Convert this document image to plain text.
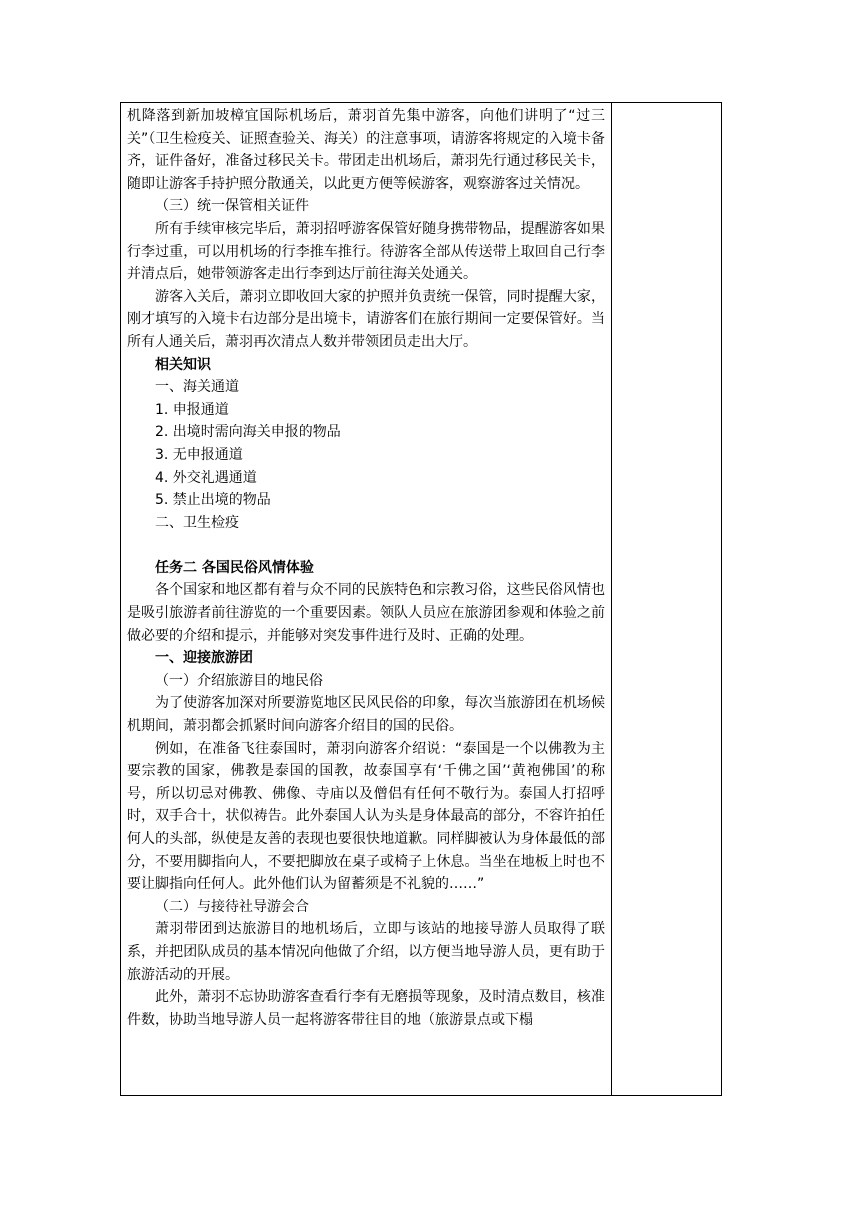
机降落到新加坡樟宜国际机场后，萧羽首先集中游客，向他们讲明了“过三关”（卫生检疫关、证照查验关、海关）的注意事项，请游客将规定的入境卡备齐，证件备好，准备过移民关卡。带团走出机场后，萧羽先行通过移民关卡，随即让游客手持护照分散通关，以此更方便等候游客，观察游客过关情况。

（三）统一保管相关证件

所有手续审核完毕后，萧羽招呼游客保管好随身携带物品，提醒游客如果行李过重，可以用机场的行李推车推行。待游客全部从传送带上取回自己行李并清点后，她带领游客走出行李到达厅前往海关处通关。

游客入关后，萧羽立即收回大家的护照并负责统一保管，同时提醒大家，刚才填写的入境卡右边部分是出境卡，请游客们在旅行期间一定要保管好。当所有人通关后，萧羽再次清点人数并带领团员走出大厅。

相关知识

一、海关通道

1. 申报通道

2. 出境时需向海关申报的物品

3. 无申报通道

4. 外交礼遇通道

5. 禁止出境的物品

二、卫生检疫

任务二 各国民俗风情体验

各个国家和地区都有着与众不同的民族特色和宗教习俗，这些民俗风情也是吸引旅游者前往游览的一个重要因素。领队人员应在旅游团参观和体验之前做必要的介绍和提示，并能够对突发事件进行及时、正确的处理。

一、迎接旅游团

（一）介绍旅游目的地民俗

为了使游客加深对所要游览地区民风民俗的印象，每次当旅游团在机场候机期间，萧羽都会抓紧时间向游客介绍目的国的民俗。

例如，在准备飞往泰国时，萧羽向游客介绍说：“泰国是一个以佛教为主要宗教的国家，佛教是泰国的国教，故泰国享有‘千佛之国’‘黄袍佛国’的称号，所以切忌对佛教、佛像、寺庙以及僧侣有任何不敬行为。泰国人打招呼时，双手合十，状似祷告。此外泰国人认为头是身体最高的部分，不容许拍任何人的头部，纵使是友善的表现也要很快地道歉。同样脚被认为身体最低的部分，不要用脚指向人，不要把脚放在桌子或椅子上休息。当坐在地板上时也不要让脚指向任何人。此外他们认为留蓄须是不礼貌的……”

（二）与接待社导游会合

萧羽带团到达旅游目的地机场后，立即与该站的地接导游人员取得了联系，并把团队成员的基本情况向他做了介绍，以方便当地导游人员，更有助于旅游活动的开展。

此外，萧羽不忘协助游客查看行李有无磨损等现象，及时清点数目，核准件数，协助当地导游人员一起将游客带往目的地（旅游景点或下榻
